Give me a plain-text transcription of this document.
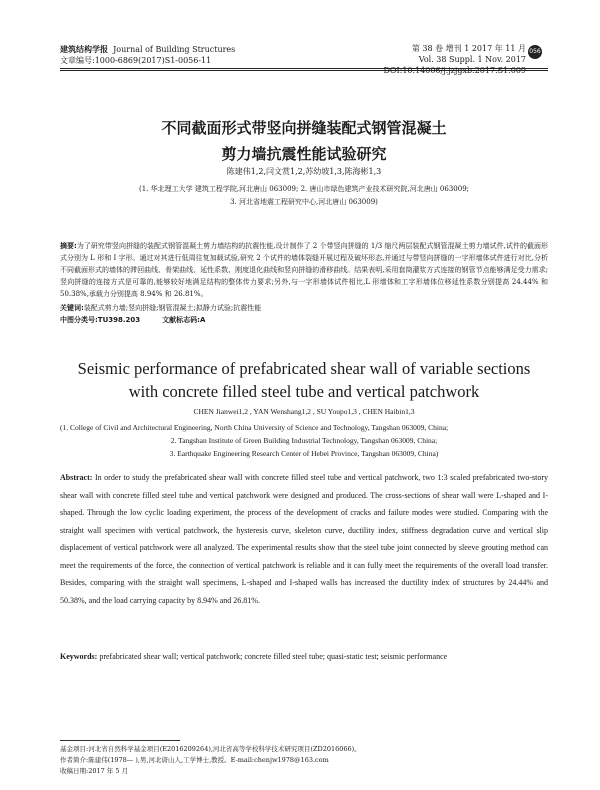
建筑结构学报 Journal of Building Structures
文章编号:1000-6869(2017)S1-0056-11
第 38 卷 增刊 1 2017 年 11 月
Vol. 38 Suppl. 1 Nov. 2017
056
不同截面形式带竖向拼缝装配式钢管混凝土
剪力墙抗震性能试验研究
陈建伟1,2,闫文赏1,2,苏幼坡1,3,陈海彬1,3
(1. 华北理工大学 建筑工程学院,河北唐山 063009; 2. 唐山市绿色建筑产业技术研究院,河北唐山 063009;
3. 河北省地震工程研究中心,河北唐山 063009)
摘要:为了研究带竖向拼缝的装配式钢管混凝土剪力墙结构的抗震性能,设计制作了 2 个带竖向拼缝的 1/3 缩尺两层装配式钢管混凝土剪力墙试件,试件的截面形式分别为 L 形和 I 字形。通过对其进行低周往复加载试验,研究 2 个试件的墙体裂缝开展过程及破坏形态,并通过与带竖向拼缝的一字形墙体试件进行对比,分析不同截面形式的墙体的滞回曲线、骨架曲线、延性系数、刚度退化曲线和竖向拼缝的滑移曲线。结果表明,采用套筒灌浆方式连接的钢管节点能够满足受力需求;竖向拼缝的连接方式是可靠的,能够较好地满足结构的整体传力要求;另外,与一字形墙体试件相比,L 形墙体和工字形墙体位移延性系数分别提高 24.44% 和 50.38%,承载力分别提高 8.94% 和 26.81%。
关键词:装配式剪力墙;竖向拼缝;钢管混凝土;拟静力试验;抗震性能
中图分类号:TU398.203	文献标志码:A
Seismic performance of prefabricated shear wall of variable sections
with concrete filled steel tube and vertical patchwork
CHEN Jianwei1,2 , YAN Wenshang1,2 , SU Youpo1,3 , CHEN Haibin1,3
(1. College of Civil and Architectural Engineering, North China University of Science and Technology, Tangshan 063009, China;
2. Tangshan Institute of Green Building Industrial Technology, Tangshan 063009, China;
3. Earthquake Engineering Research Center of Hebei Province, Tangshan 063009, China)
Abstract: In order to study the prefabricated shear wall with concrete filled steel tube and vertical patchwork, two 1:3 scaled prefabricated two-story shear wall with concrete filled steel tube and vertical patchwork were designed and produced. The cross-sections of shear wall were L-shaped and I-shaped. Through the low cyclic loading experiment, the process of the development of cracks and failure modes were studied. Comparing with the straight wall specimen with vertical patchwork, the hysteresis curve, skeleton curve, ductility index, stiffness degradation curve and vertical slip displacement of vertical patchwork were all analyzed. The experimental results show that the steel tube joint connected by sleeve grouting method can meet the requirements of the force, the connection of vertical patchwork is reliable and it can fully meet the requirements of the overall load transfer. Besides, comparing with the straight wall specimens, L-shaped and I-shaped walls has increased the ductility index of structures by 24.44% and 50.38%, and the load carrying capacity by 8.94% and 26.81%.
Keywords: prefabricated shear wall; vertical patchwork; concrete filled steel tube; quasi-static test; seismic performance
基金项目:河北省自然科学基金项目(E2016209264),河北省高等学校科学技术研究项目(ZD2016066)。
作者简介:陈建伟(1978— ),男,河北唐山人,工学博士,教授。E-mail:chenjw1978@163.com
收稿日期:2017 年 5 月
